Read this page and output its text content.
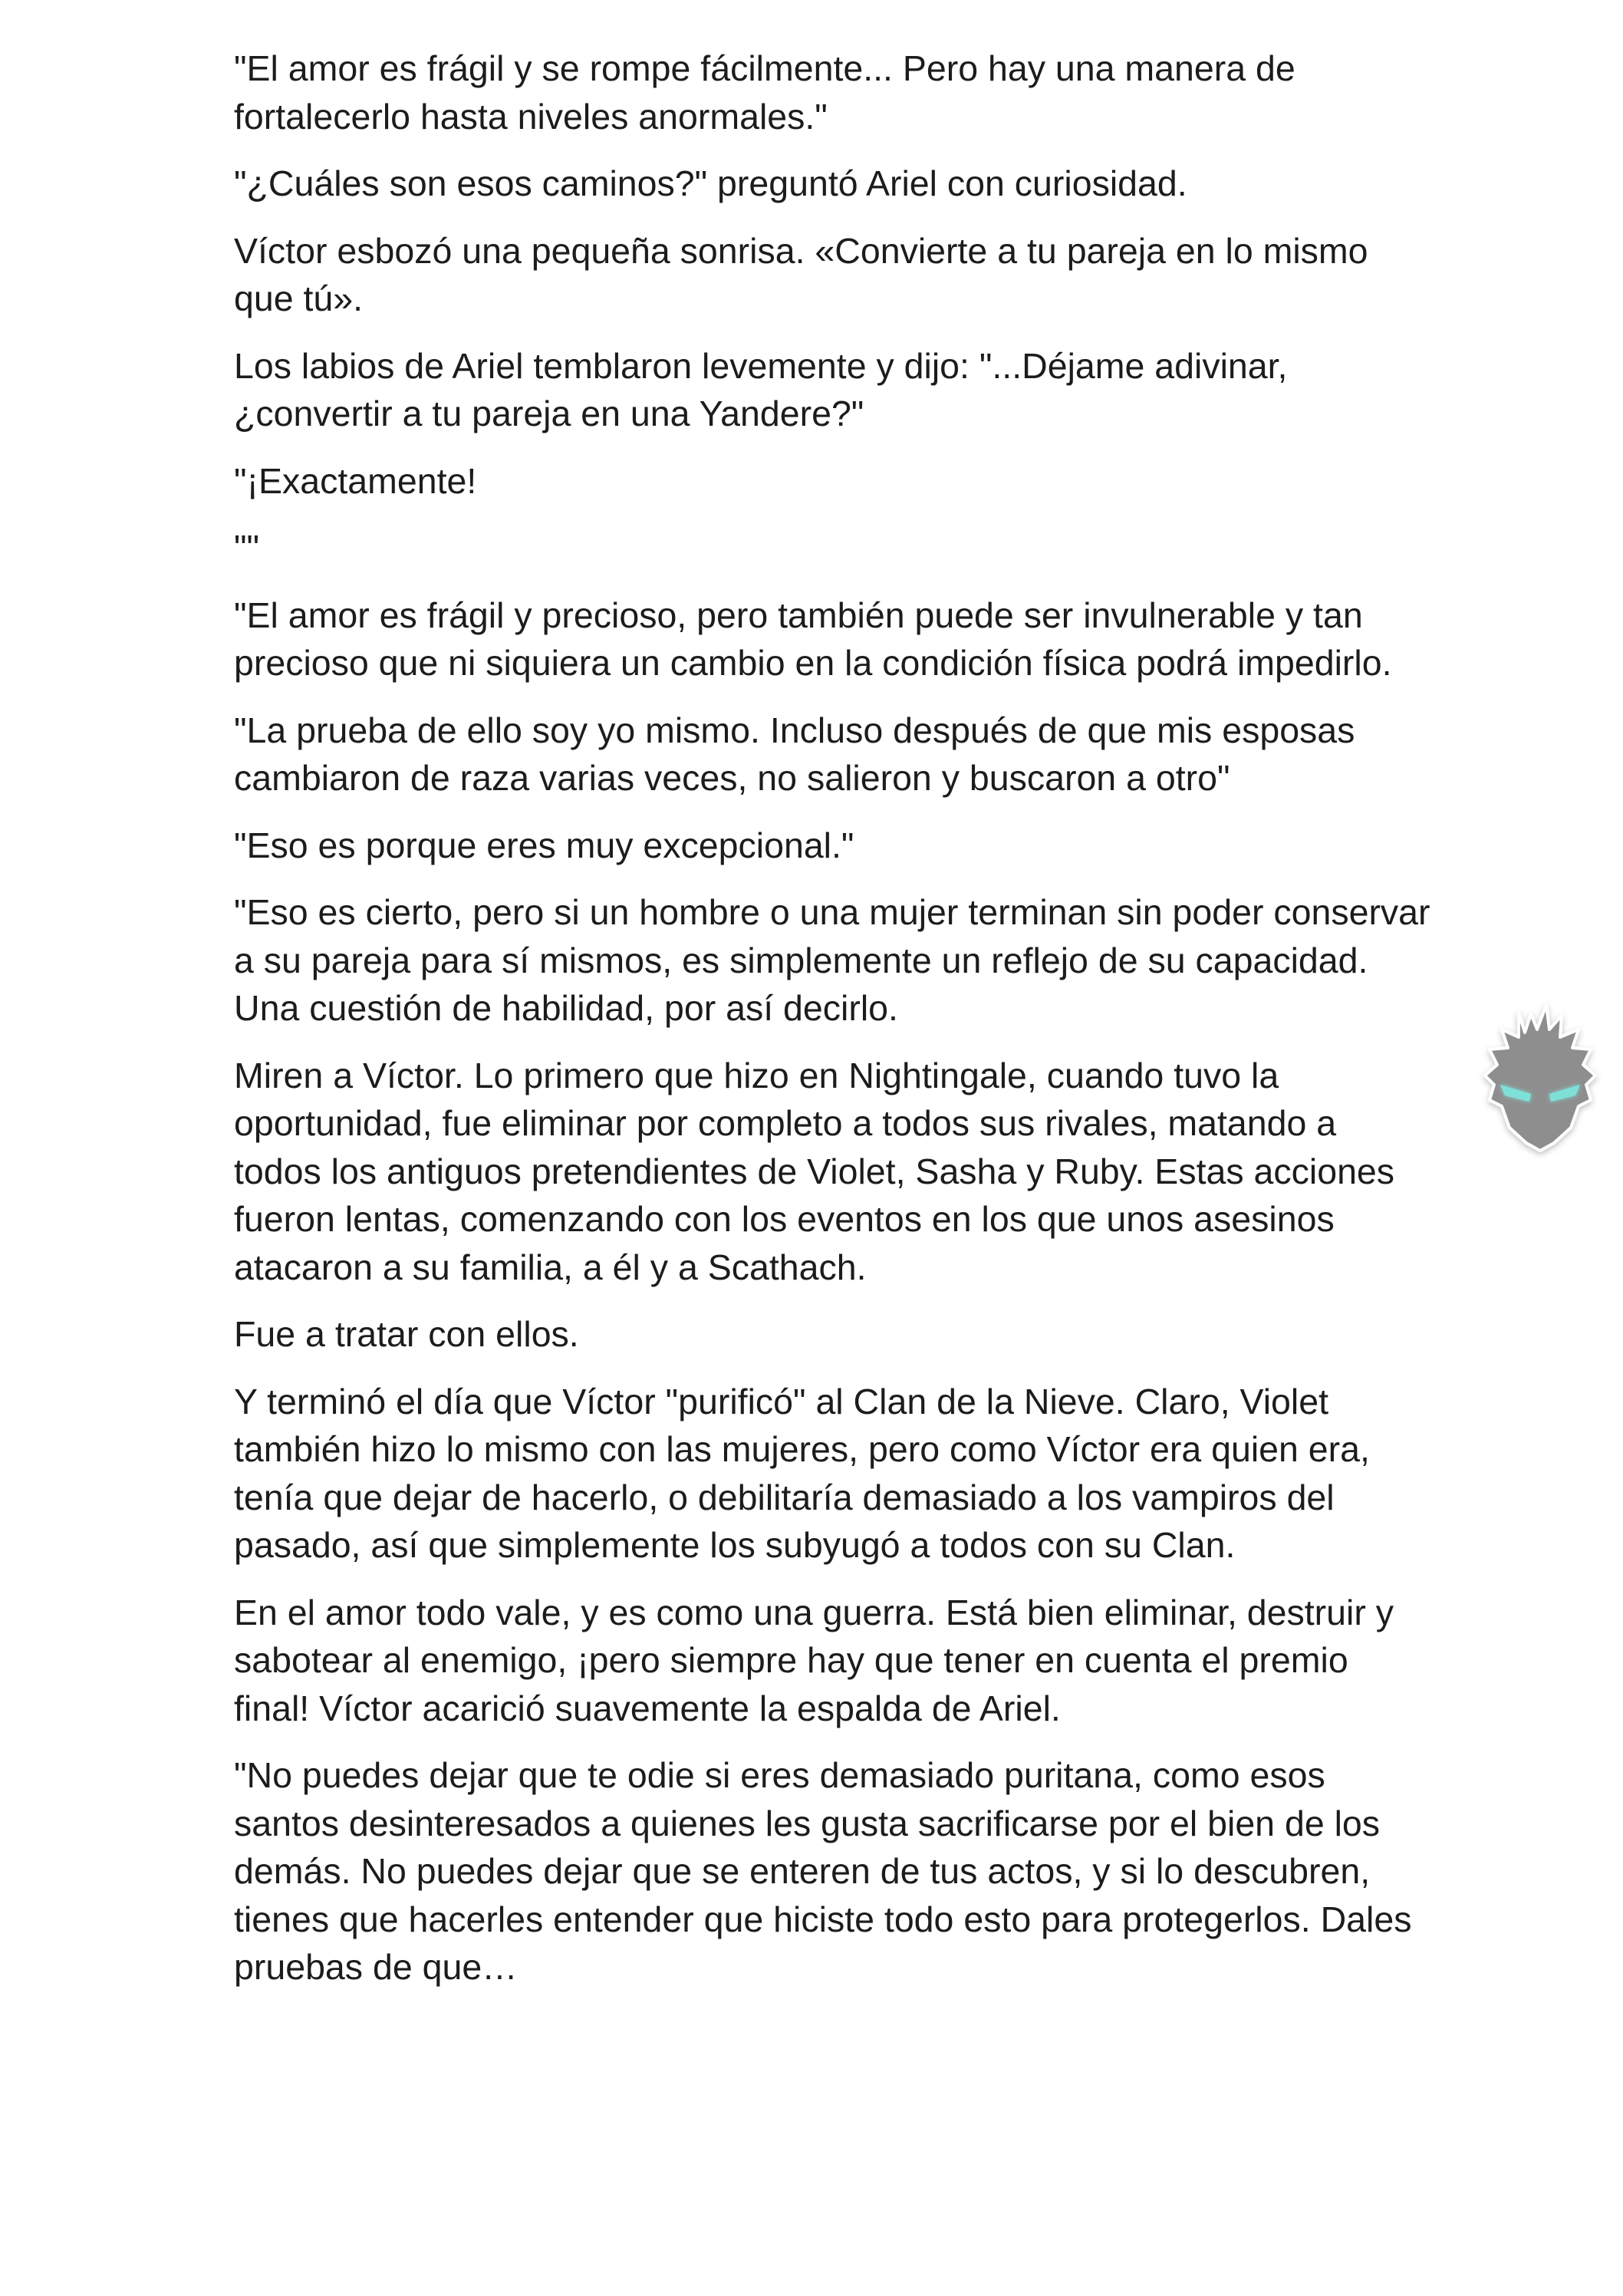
"El amor es frágil y se rompe fácilmente... Pero hay una manera de fortalecerlo hasta niveles anormales."

"¿Cuáles son esos caminos?" preguntó Ariel con curiosidad.

Víctor esbozó una pequeña sonrisa. «Convierte a tu pareja en lo mismo que tú».

Los labios de Ariel temblaron levemente y dijo: "...Déjame adivinar, ¿convertir a tu pareja en una Yandere?"

"¡Exactamente!

""

"El amor es frágil y precioso, pero también puede ser invulnerable y tan precioso que ni siquiera un cambio en la condición física podrá impedirlo.

"La prueba de ello soy yo mismo. Incluso después de que mis esposas cambiaron de raza varias veces, no salieron y buscaron a otro"

"Eso es porque eres muy excepcional."

"Eso es cierto, pero si un hombre o una mujer terminan sin poder conservar a su pareja para sí mismos, es simplemente un reflejo de su capacidad. Una cuestión de habilidad, por así decirlo.

Miren a Víctor. Lo primero que hizo en Nightingale, cuando tuvo la oportunidad, fue eliminar por completo a todos sus rivales, matando a todos los antiguos pretendientes de Violet, Sasha y Ruby. Estas acciones fueron lentas, comenzando con los eventos en los que unos asesinos atacaron a su familia, a él y a Scathach.

Fue a tratar con ellos.

Y terminó el día que Víctor "purificó" al Clan de la Nieve. Claro, Violet también hizo lo mismo con las mujeres, pero como Víctor era quien era, tenía que dejar de hacerlo, o debilitaría demasiado a los vampiros del pasado, así que simplemente los subyugó a todos con su Clan.

En el amor todo vale, y es como una guerra. Está bien eliminar, destruir y sabotear al enemigo, ¡pero siempre hay que tener en cuenta el premio final! Víctor acarició suavemente la espalda de Ariel.

"No puedes dejar que te odie si eres demasiado puritana, como esos santos desinteresados a quienes les gusta sacrificarse por el bien de los demás. No puedes dejar que se enteren de tus actos, y si lo descubren, tienes que hacerles entender que hiciste todo esto para protegerlos. Dales pruebas de que…
